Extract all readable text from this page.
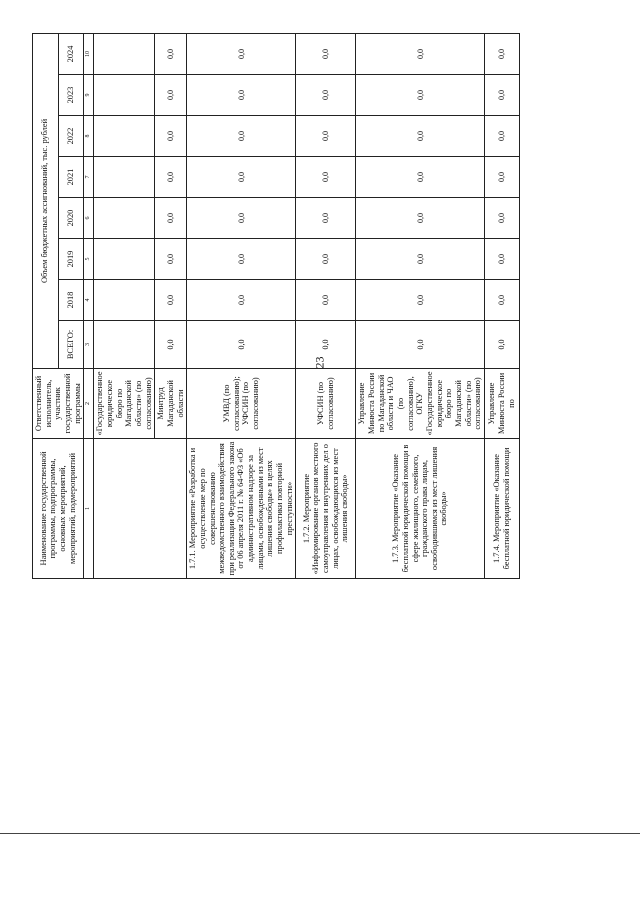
23
Наименование государственной программы, подпрограммы, основных мероприятий, мероприятий, подмероприятий	Ответственный исполнитель, участник государственной программы	Объем бюджетных ассигнований, тыс. рублей							
		ВСЕГО:	2018	2019	2020	2021	2022	2023	2024
1	2	3	4	5	6	7	8	9	10
	«Государственное юридическое бюро по Магаданской области» (по согласованию)								
	Минтруд Магаданской области	0,0	0,0	0,0	0,0	0,0	0,0	0,0	0,0
1.7.1. Мероприятие «Разработка и осуществление мер по совершенствованию межведомственного взаимодействия при реализации Федерального закона от 06 апреля 2011 г. № 64-ФЗ «Об административном надзоре за лицами, освобожденными из мест лишения свободы» в целях профилактики повторной преступности»	УМВД (по согласованию); УФСИН (по согласованию)	0,0	0,0	0,0	0,0	0,0	0,0	0,0	0,0
1.7.2. Мероприятие «Информирование органов местного самоуправления и внутренних дел о лицах, освобождающихся из мест лишения свободы»	УФСИН (по согласованию)	0,0	0,0	0,0	0,0	0,0	0,0	0,0	0,0
1.7.3. Мероприятие «Оказание бесплатной юридической помощи в сфере жилищного, семейного, гражданского права лицам, освободившимся из мест лишения свободы»	Управление Минюста России по Магаданской области и ЧАО (по согласованию), ОГКУ «Государственное юридическое бюро по Магаданской области» (по согласованию)	0,0	0,0	0,0	0,0	0,0	0,0	0,0	0,0
1.7.4. Мероприятие «Оказание бесплатной юридической помощи	Управление Минюста России по	0,0	0,0	0,0	0,0	0,0	0,0	0,0	0,0
